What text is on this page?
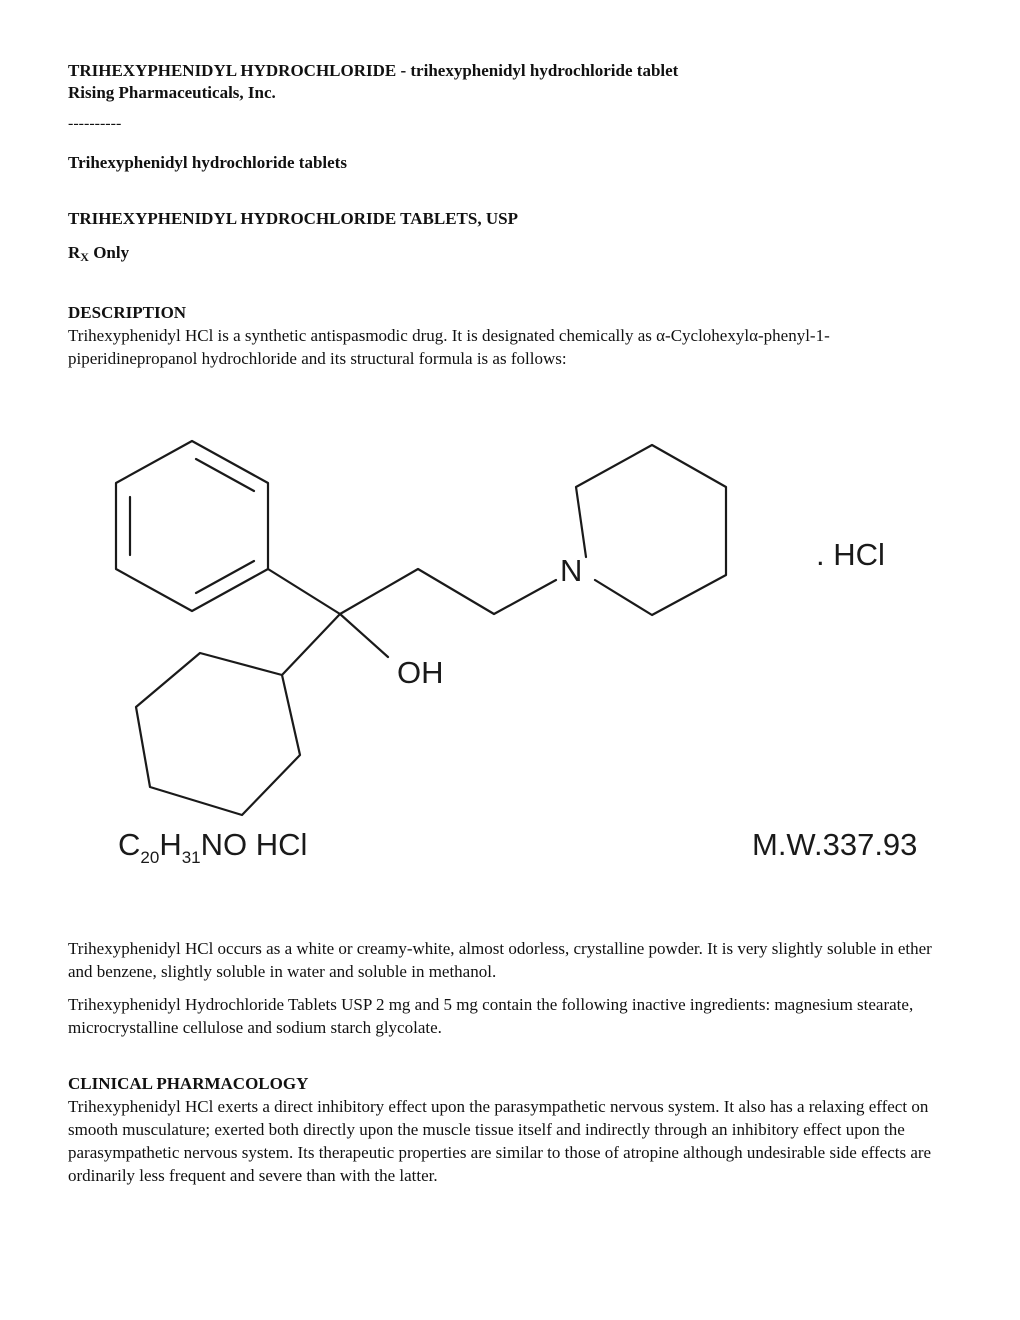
TRIHEXYPHENIDYL HYDROCHLORIDE - trihexyphenidyl hydrochloride tablet
Rising Pharmaceuticals, Inc.
----------
Trihexyphenidyl hydrochloride tablets
TRIHEXYPHENIDYL HYDROCHLORIDE TABLETS, USP
$R_X$ Only
DESCRIPTION

Trihexyphenidyl HCl is a synthetic antispasmodic drug. It is designated chemically as α-Cyclohexylα-phenyl-1-piperidinepropanol hydrochloride and its structural formula is as follows:

N
OH
. HCl
$C_{20}H_{31}NO$ HCl	M.W.337.93

Trihexyphenidyl HCl occurs as a white or creamy-white, almost odorless, crystalline powder. It is very slightly soluble in ether and benzene, slightly soluble in water and soluble in methanol.

Trihexyphenidyl Hydrochloride Tablets USP 2 mg and 5 mg contain the following inactive ingredients: magnesium stearate, microcrystalline cellulose and sodium starch glycolate.

CLINICAL PHARMACOLOGY

Trihexyphenidyl HCl exerts a direct inhibitory effect upon the parasympathetic nervous system. It also has a relaxing effect on smooth musculature; exerted both directly upon the muscle tissue itself and indirectly through an inhibitory effect upon the parasympathetic nervous system. Its therapeutic properties are similar to those of atropine although undesirable side effects are ordinarily less frequent and severe than with the latter.
